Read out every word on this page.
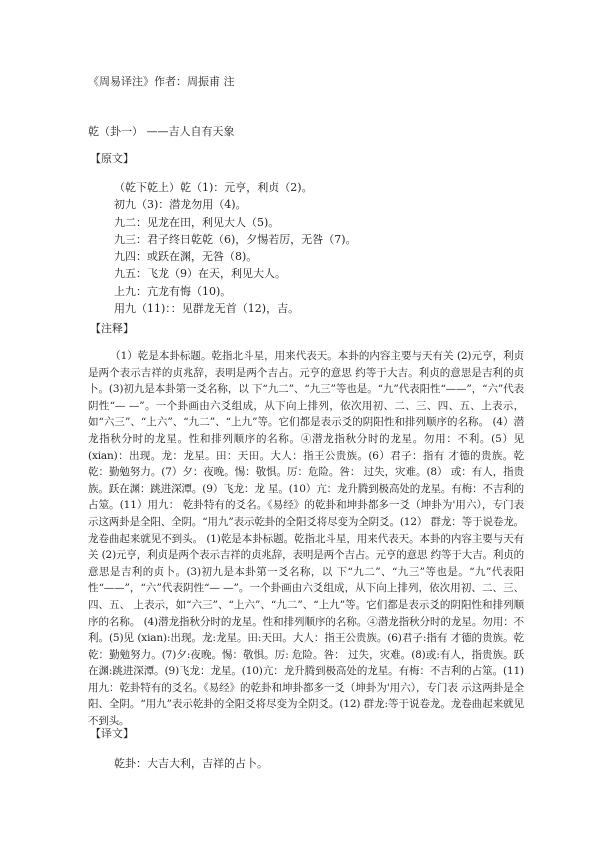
《周易译注》作者：周振甫 注
乾（卦一） ——吉人自有天象
【原文】
（乾下乾上）乾（1)：元亨，利贞（2)。
初九（3)：潜龙勿用（4)。
九二：见龙在田，利见大人（5)。
九三：君子终日乾乾（6)，夕惕若厉，无咎（7)。
九四：或跃在渊，无咎（8)。
九五：飞龙（9）在天，利见大人。
上九：亢龙有悔（10)。
用九（11)：：见群龙无首（12)，吉。
【注释】
（1）乾是本卦标题。乾指北斗星，用来代表天。本卦的内容主要与天有关 (2)元亨，利贞是两个表示吉祥的贞兆辞，表明是两个吉占。元亨的意思 约等于大吉。利贞的意思是吉利的贞卜。(3)初九是本卦第一爻名称，以 下“九二”、“九三”等也是。“九”代表阳性“——”，“六”代表阴性“— —”。一个卦画由六爻组成，从下向上排列，依次用初、二、三、四、五、上表示，如“六三”、“上六”、“九二”、“上九”等。它们都是表示爻的阴阳性和排列顺序的名称。 (4）潜龙指秋分时的龙星。性和排列顺序的名称。④潜龙指秋分时的龙星。勿用：不利。(5）见 (xian)：出现。龙：龙星。田：天田。大人：指王公贵族。(6）君子：指有 才德的贵族。乾乾：勤勉努力。(7）夕：夜晚。惕：敬惧。厉：危险。咎： 过失，灾难。(8） 或：有人，指贵族。跃在渊：跳进深潭。(9）飞龙：龙 星。(10）亢：龙升腾到极高处的龙星。有梅：不吉利的占筮。(11）用九： 乾卦特有的爻名。《易经》的乾卦和坤卦都多一爻（坤卦为'用六），专门表 示这两卦是全阳、全阴。“用九”表示乾卦的全阳爻将尽变为全阴爻。(12） 群龙：等于说卷龙。龙卷曲起来就见不到头。 (1)乾是本卦标题。乾指北斗星，用来代表天。本卦的内容主要与天有关 (2)元亨，利贞是两个表示吉祥的贞兆辞，表明是两个吉占。元亨的意思 约等于大吉。利贞的意思是吉利的贞卜。(3)初九是本卦第一爻名称，以 下“九二”、“九三”等也是。“九”代表阳性“——”，“六”代表阴性“— —”。一个卦画由六爻组成，从下向上排列，依次用初、二、三、四、五、 上表示，如“六三”、“上六”、“九二”、“上九”等。它们都是表示爻的阴阳性和排列顺序的名称。 (4)潜龙指秋分时的龙星。性和排列顺序的名称。④潜龙指秋分时的龙星。勿用：不利。(5)见 (xian):出现。龙:龙星。田:天田。大人：指王公贵族。(6)君子:指有 才德的贵族。乾乾：勤勉努力。(7)夕:夜晚。惕：敬惧。厉: 危险。咎： 过失，灾难。(8)或:有人，指贵族。跃在渊:跳进深潭。(9)飞龙：龙星。(10)亢：龙升腾到极高处的龙星。有梅：不吉利的占筮。(11)用九：乾卦特有的爻名。《易经》的乾卦和坤卦都多一爻（坤卦为'用六），专门表 示这两卦是全阳、全阴。“用九”表示乾卦的全阳爻将尽变为全阴爻。(12) 群龙:等于说卷龙。龙卷曲起来就见不到头。
【译文】
乾卦：大吉大利，吉祥的占卜。
